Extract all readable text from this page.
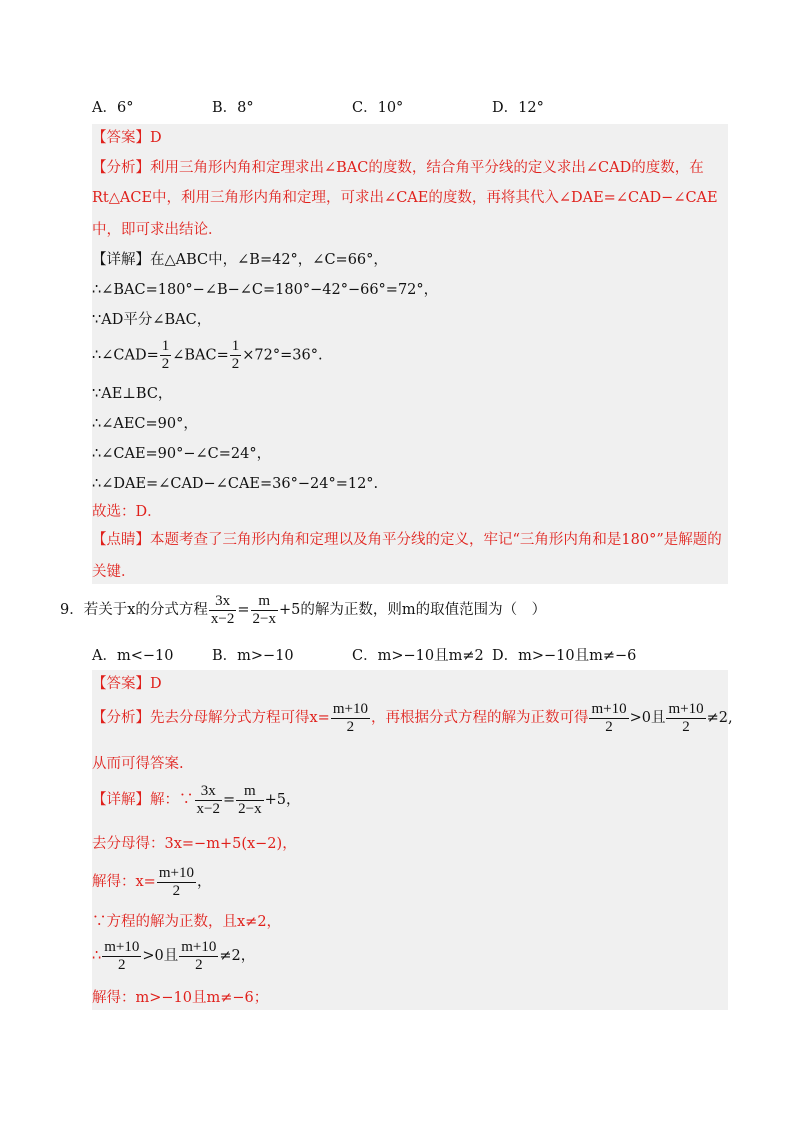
A．6°	B．8°	C．10°	D．12°
【答案】D
【分析】利用三角形内角和定理求出∠BAC的度数，结合角平分线的定义求出∠CAD的度数，在
Rt△ACE中，利用三角形内角和定理，可求出∠CAE的度数，再将其代入∠DAE=∠CAD−∠CAE
中，即可求出结论．
【详解】在△ABC中，∠B=42°，∠C=66°，
∴∠BAC=180°−∠B−∠C=180°−42°−66°=72°，
∵AD平分∠BAC，
∴∠CAD= $\frac{1}{2}$ ∠BAC= $\frac{1}{2} \times 72^\circ=36^\circ$.
∵AE⊥BC，
∴∠AEC=90°，
∴∠CAE=90°−∠C=24°，
∴∠DAE=∠CAD−∠CAE=36°−24°=12°.
故选：D．
【点睛】本题考查了三角形内角和定理以及角平分线的定义，牢记“三角形内角和是180°”是解题的
关键．
9．若关于x的分式方程 $\frac{3x}{x-2} = \frac{m}{2-x} +5$的解为正数，则m的取值范围为（　）
A．m<−10	B．m>−10	C．m>−10且m≠2 D．m>−10且m≠−6
【答案】D
【分析】先去分母解分式方程可得$x= \frac{m+10}{2}$ ，再根据分式方程的解为正数可得 $\frac{m+10}{2} >0$且 $\frac{m+10}{2} \ne 2$,
从而可得答案.
【详解】解：∵ $\frac{3x}{x-2} = \frac{m}{2-x} +5$，
去分母得：3x=−m+5(x−2)，
解得：$x= \frac{m+10}{2}$ ，
∵方程的解为正数，且x≠2，
∴ $\frac{m+10}{2} >0$且 $\frac{m+10}{2} \ne 2$，
解得：m>−10且m≠−6；
